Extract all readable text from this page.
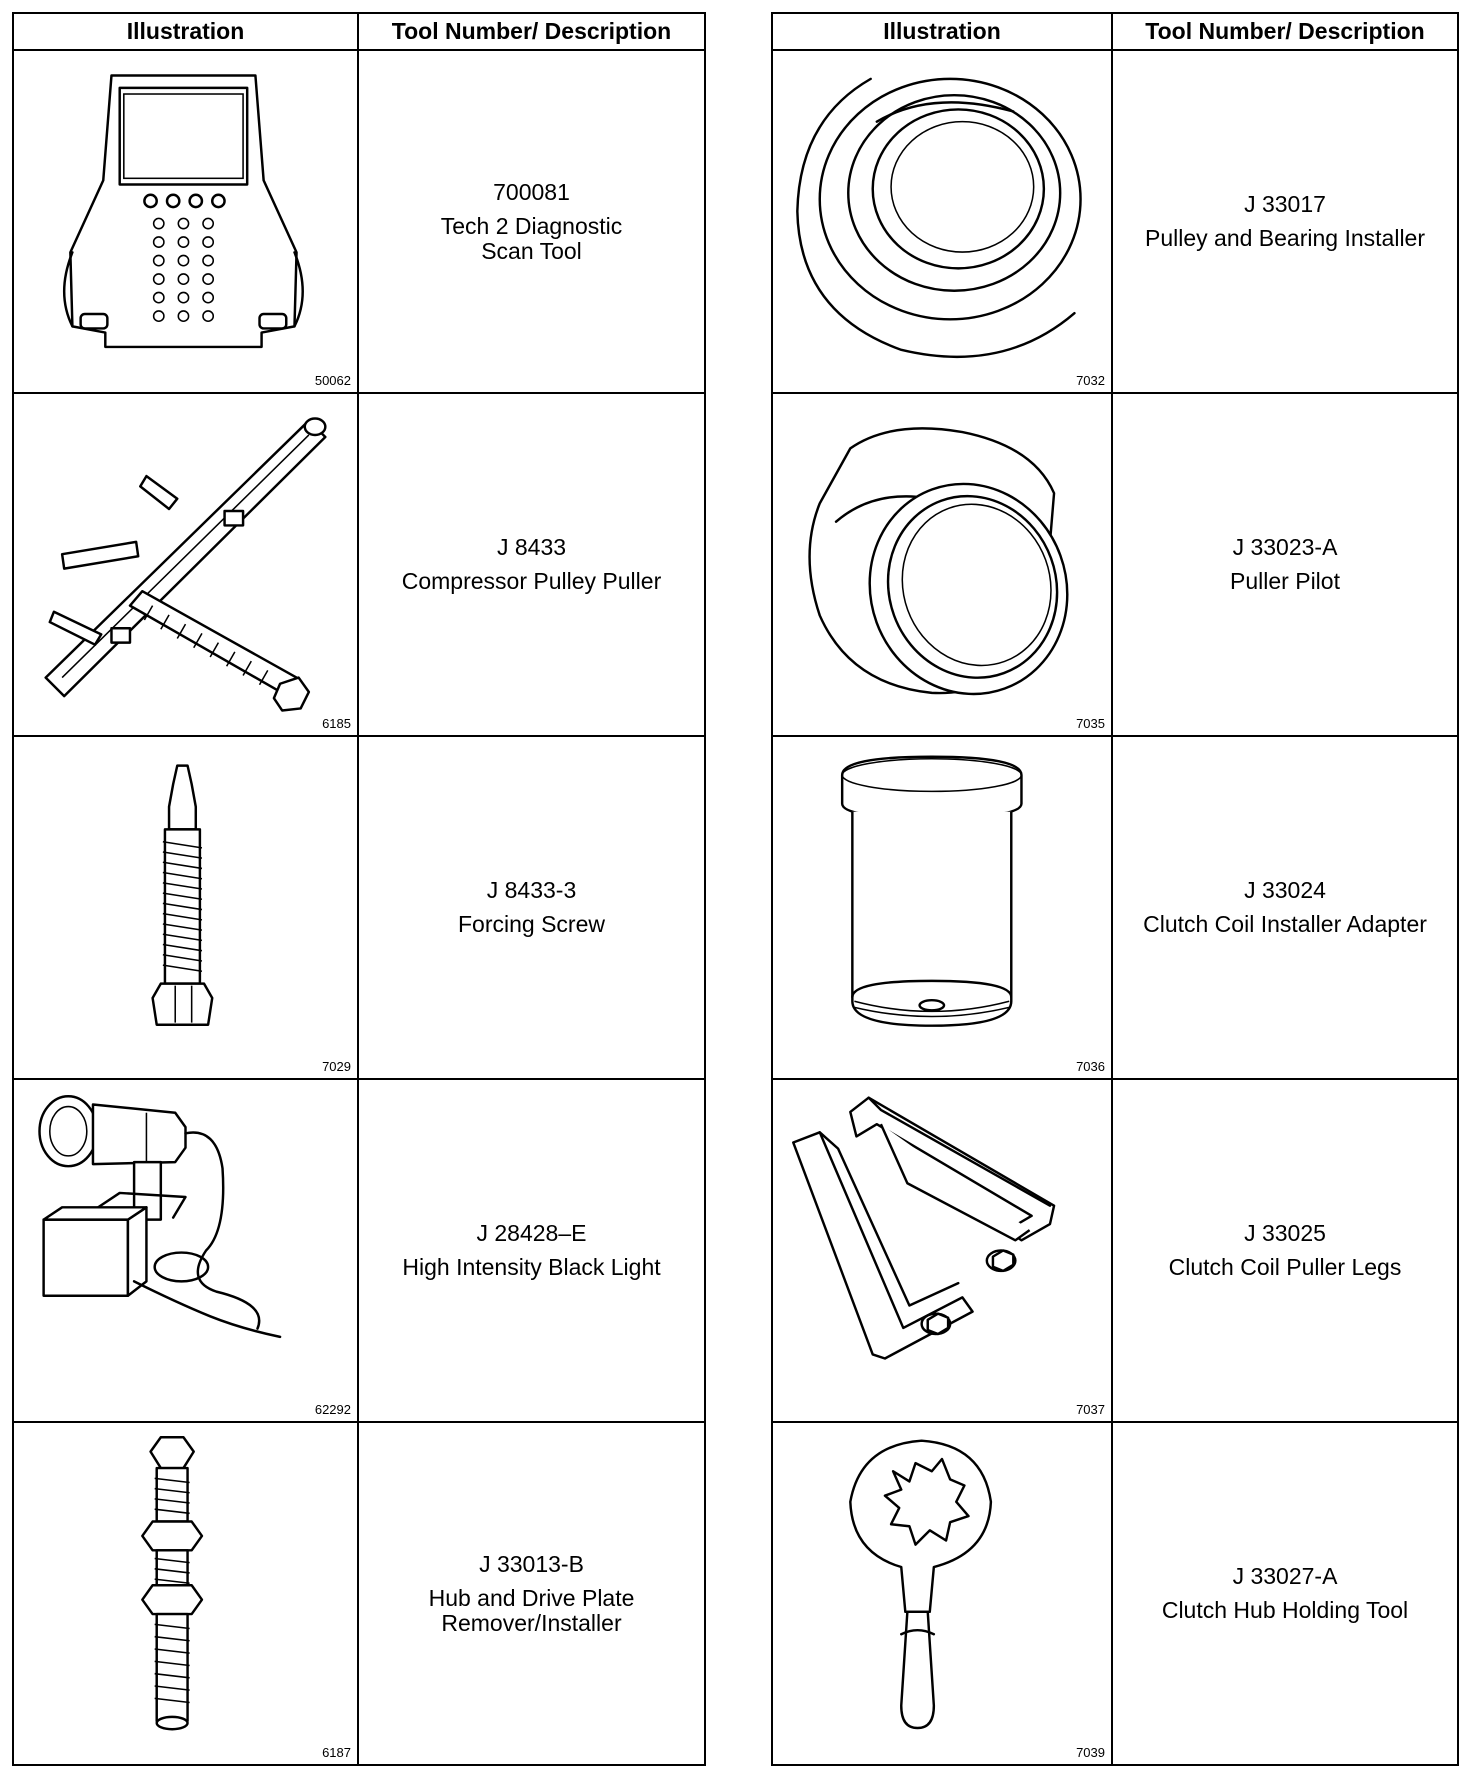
Illustration	Tool Number/ Description

50062	700081
Tech 2 Diagnostic
Scan Tool

6185	J 8433
Compressor Pulley Puller

7029	J 8433-3
Forcing Screw

62292	J 28428–E
High Intensity Black Light

6187	J 33013-B
Hub and Drive Plate
Remover/Installer
Illustration	Tool Number/ Description

7032	J 33017
Pulley and Bearing Installer

7035	J 33023-A
Puller Pilot

7036	J 33024
Clutch Coil Installer Adapter

7037	J 33025
Clutch Coil Puller Legs

7039	J 33027-A
Clutch Hub Holding Tool
